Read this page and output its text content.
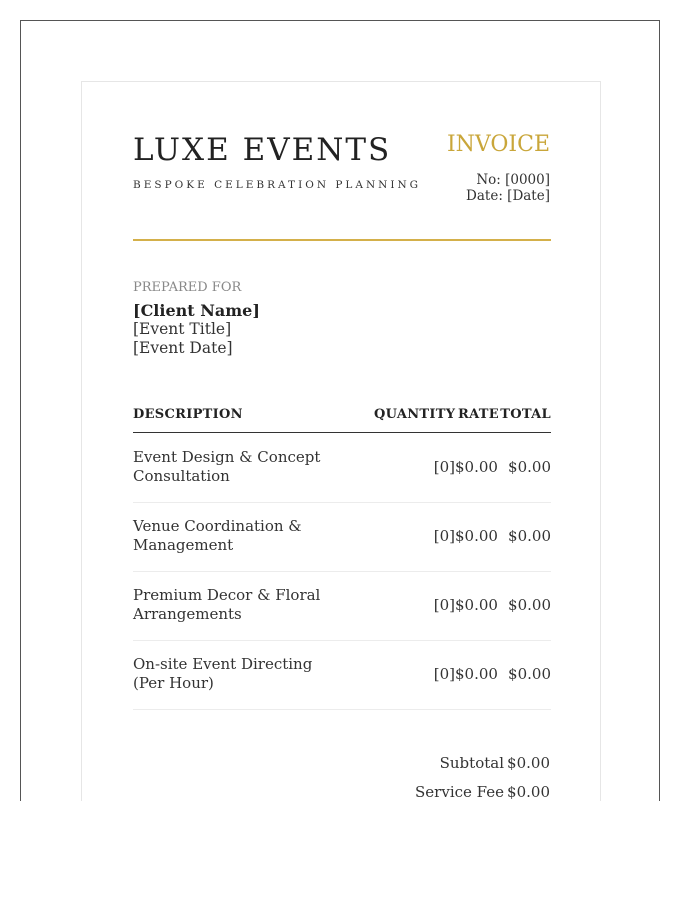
LUXE EVENTS
BESPOKE CELEBRATION PLANNING
INVOICE
No: [0000]
Date: [Date]
PREPARED FOR
[Client Name]
[Event Title]
[Event Date]
DESCRIPTION	QUANTITY RATE TOTAL
Event Design & Concept Consultation	[0] $0.00 $0.00
Venue Coordination & Management	[0] $0.00 $0.00
Premium Decor & Floral Arrangements	[0] $0.00 $0.00
On-site Event Directing (Per Hour)	[0] $0.00 $0.00
Subtotal $0.00
Service Fee $0.00
